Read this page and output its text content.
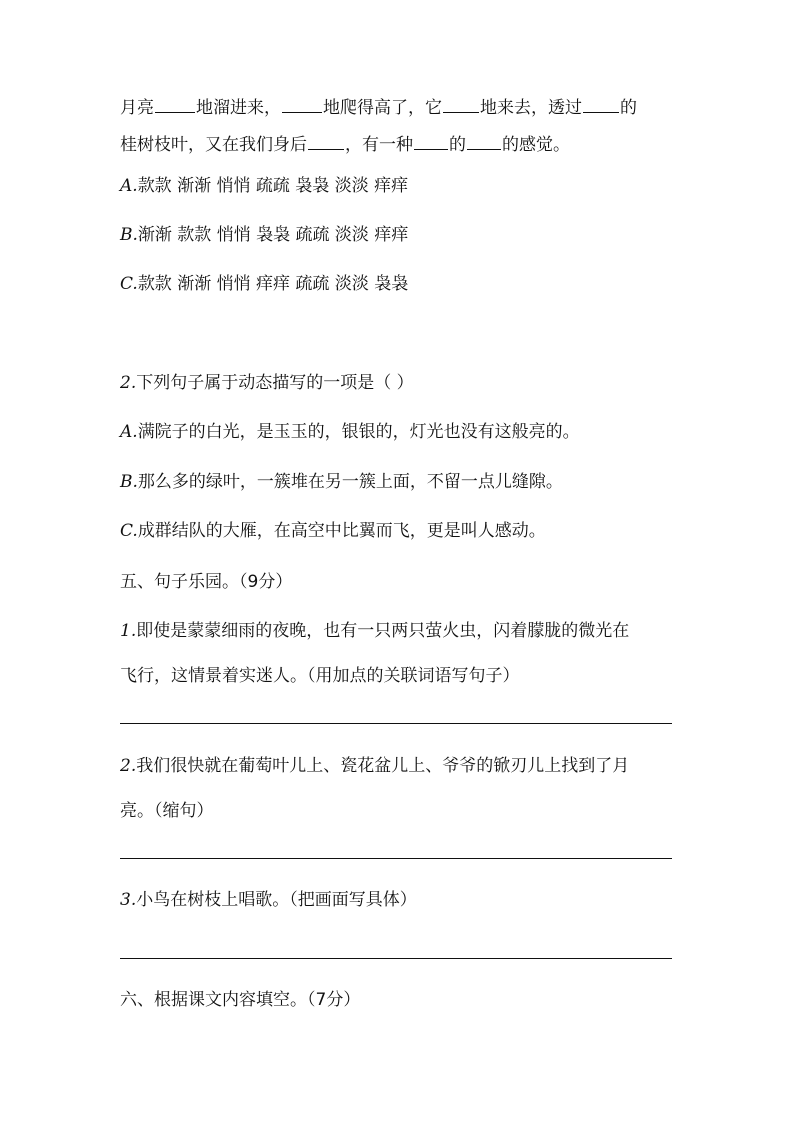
月亮 地溜进来， 地爬得高了，它 地来去，透过 的
桂树枝叶，又在我们身后 ，有一种 的 的感觉。
A.款款 渐渐 悄悄 疏疏 袅袅 淡淡 痒痒
B.渐渐 款款 悄悄 袅袅 疏疏 淡淡 痒痒
C.款款 渐渐 悄悄 痒痒 疏疏 淡淡 袅袅
2.下列句子属于动态描写的一项是（ ）
A.满院子的白光，是玉玉的，银银的，灯光也没有这般亮的。
B.那么多的绿叶，一簇堆在另一簇上面，不留一点儿缝隙。
C.成群结队的大雁，在高空中比翼而飞，更是叫人感动。
五、句子乐园。（9分）
1.即使是蒙蒙细雨的夜晚，也有一只两只萤火虫，闪着朦胧的微光在
飞行，这情景着实迷人。（用加点的关联词语写句子）
2.我们很快就在葡萄叶儿上、瓷花盆儿上、爷爷的锨刃儿上找到了月
亮。（缩句）
3.小鸟在树枝上唱歌。（把画面写具体）
六、根据课文内容填空。（7分）
